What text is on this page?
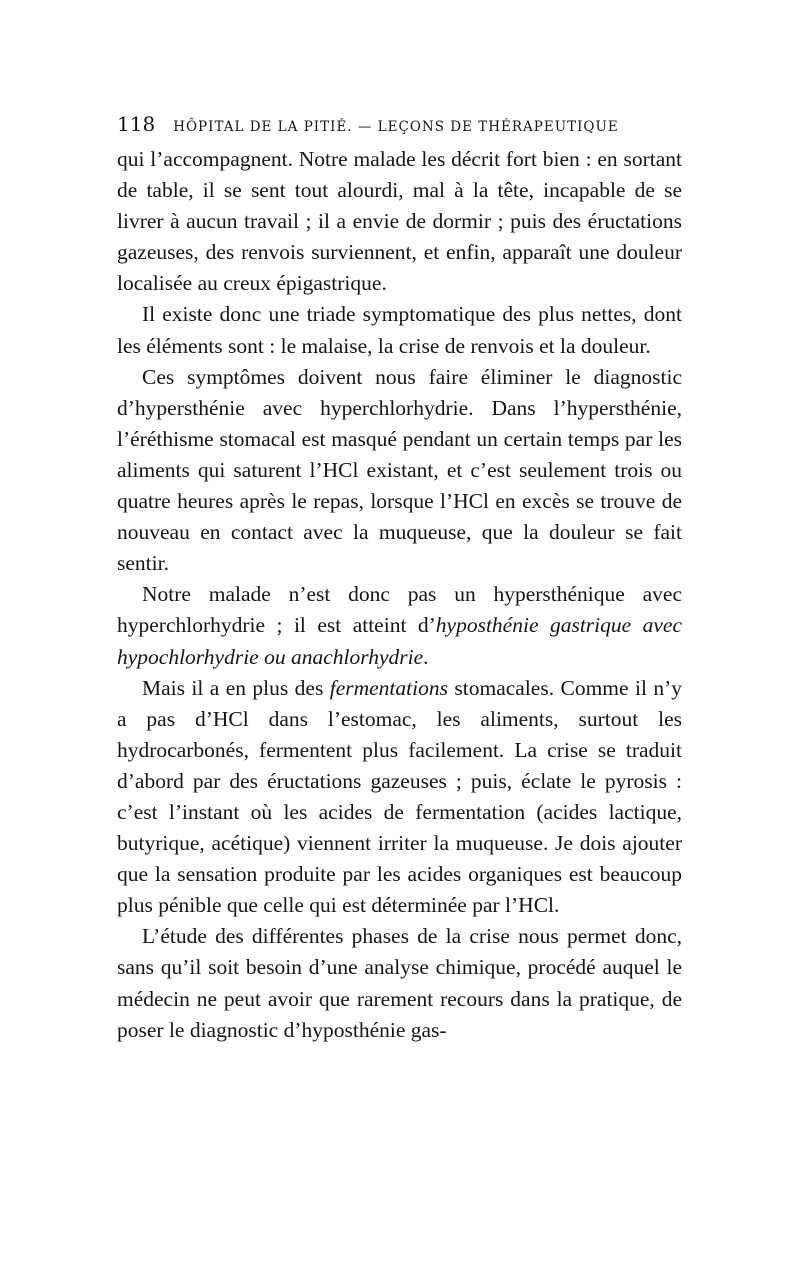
118 HÔPITAL DE LA PITIÉ. — LEÇONS DE THÉRAPEUTIQUE

qui l’accompagnent. Notre malade les décrit fort bien : en sortant de table, il se sent tout alourdi, mal à la tête, incapable de se livrer à aucun travail ; il a envie de dormir ; puis des éructations gazeuses, des renvois surviennent, et enfin, apparaît une douleur localisée au creux épigastrique.

Il existe donc une triade symptomatique des plus nettes, dont les éléments sont : le malaise, la crise de renvois et la douleur.

Ces symptômes doivent nous faire éliminer le diagnostic d’hypersthénie avec hyperchlorhydrie. Dans l’hypersthénie, l’éréthisme stomacal est masqué pendant un certain temps par les aliments qui saturent l’HCl existant, et c’est seulement trois ou quatre heures après le repas, lorsque l’HCl en excès se trouve de nouveau en contact avec la muqueuse, que la douleur se fait sentir.

Notre malade n’est donc pas un hypersthénique avec hyperchlorhydrie ; il est atteint d’hyposthénie gastrique avec hypochlorhydrie ou anachlorhydrie.

Mais il a en plus des fermentations stomacales. Comme il n’y a pas d’HCl dans l’estomac, les aliments, surtout les hydrocarbonés, fermentent plus facilement. La crise se traduit d’abord par des éructations gazeuses ; puis, éclate le pyrosis : c’est l’instant où les acides de fermentation (acides lactique, butyrique, acétique) viennent irriter la muqueuse. Je dois ajouter que la sensation produite par les acides organiques est beaucoup plus pénible que celle qui est déterminée par l’HCl.

L’étude des différentes phases de la crise nous permet donc, sans qu’il soit besoin d’une analyse chimique, procédé auquel le médecin ne peut avoir que rarement recours dans la pratique, de poser le diagnostic d’hyposthénie gas-
